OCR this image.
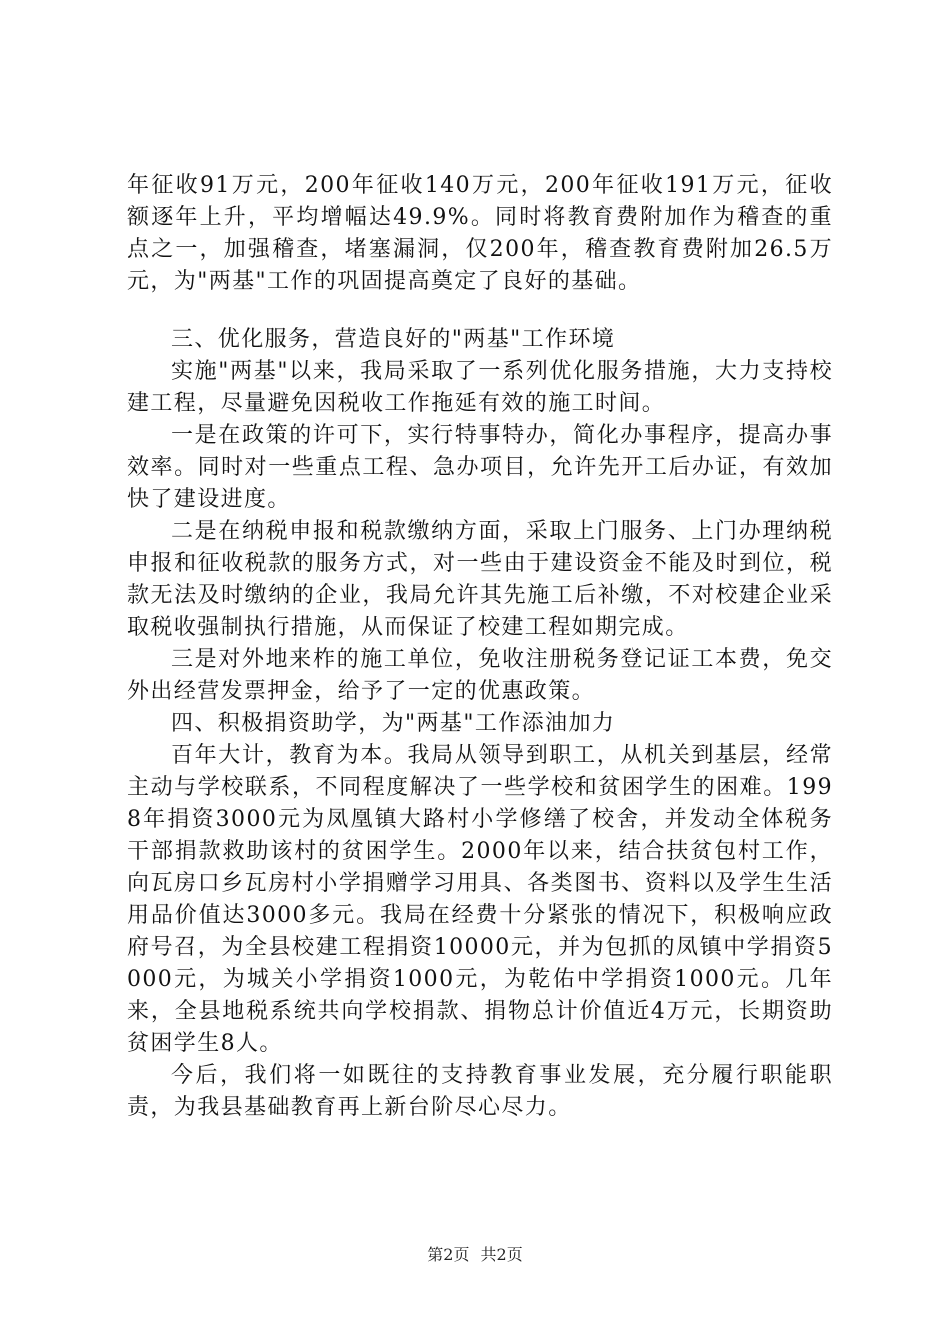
年征收91万元，200年征收140万元，200年征收191万元，征收额逐年上升，平均增幅达49.9%。同时将教育费附加作为稽查的重点之一，加强稽查，堵塞漏洞，仅200年，稽查教育费附加26.5万元，为"两基"工作的巩固提高奠定了良好的基础。

三、优化服务，营造良好的"两基"工作环境

实施"两基"以来，我局采取了一系列优化服务措施，大力支持校建工程，尽量避免因税收工作拖延有效的施工时间。

一是在政策的许可下，实行特事特办，简化办事程序，提高办事效率。同时对一些重点工程、急办项目，允许先开工后办证，有效加快了建设进度。

二是在纳税申报和税款缴纳方面，采取上门服务、上门办理纳税申报和征收税款的服务方式，对一些由于建设资金不能及时到位，税款无法及时缴纳的企业，我局允许其先施工后补缴，不对校建企业采取税收强制执行措施，从而保证了校建工程如期完成。

三是对外地来柞的施工单位，免收注册税务登记证工本费，免交外出经营发票押金，给予了一定的优惠政策。

四、积极捐资助学，为"两基"工作添油加力

百年大计，教育为本。我局从领导到职工，从机关到基层，经常主动与学校联系，不同程度解决了一些学校和贫困学生的困难。1998年捐资3000元为凤凰镇大路村小学修缮了校舍，并发动全体税务干部捐款救助该村的贫困学生。2000年以来，结合扶贫包村工作，向瓦房口乡瓦房村小学捐赠学习用具、各类图书、资料以及学生生活用品价值达3000多元。我局在经费十分紧张的情况下，积极响应政府号召，为全县校建工程捐资10000元，并为包抓的凤镇中学捐资5000元，为城关小学捐资1000元，为乾佑中学捐资1000元。几年来，全县地税系统共向学校捐款、捐物总计价值近4万元，长期资助贫困学生8人。

今后，我们将一如既往的支持教育事业发展，充分履行职能职责，为我县基础教育再上新台阶尽心尽力。

第2页 共2页
